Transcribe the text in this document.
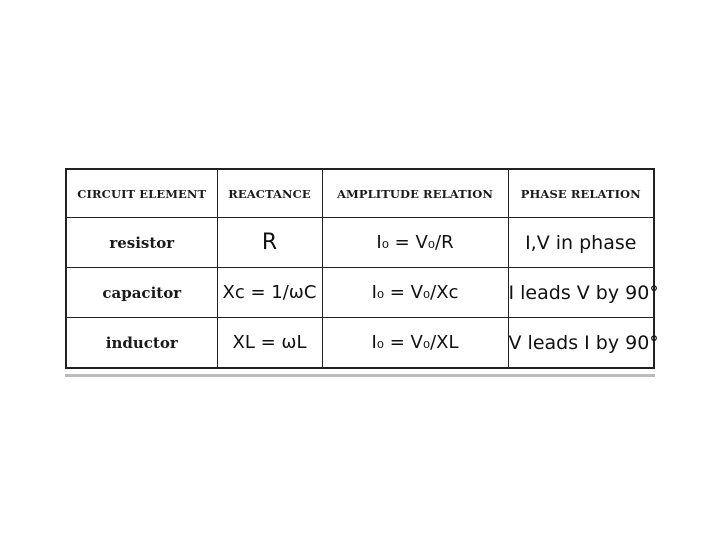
CIRCUIT ELEMENT	REACTANCE	AMPLITUDE RELATION	PHASE RELATION
resistor	R	I₀ = V₀/R	I,V in phase
capacitor	Xc = 1/ωC	I₀ = V₀/Xc	I leads V by 90°
inductor	XL = ωL	I₀ = V₀/XL	V leads I by 90°
